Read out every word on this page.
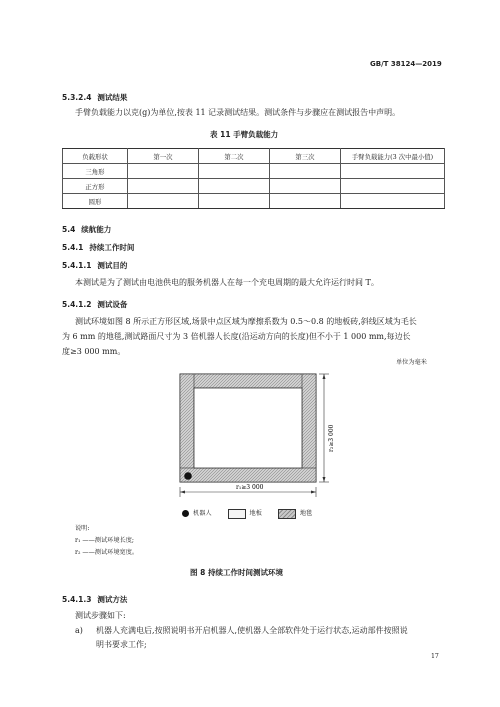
GB/T 38124—2019
5.3.2.4 测试结果
手臂负载能力以克(g)为单位,按表 11 记录测试结果。测试条件与步骤应在测试报告中声明。
表 11 手臂负载能力
负载形状	第一次	第二次	第三次	手臂负载能力(3 次中最小值)
三角形				
正方形				
圆形				
5.4 续航能力
5.4.1 持续工作时间
5.4.1.1 测试目的
本测试是为了测试由电池供电的服务机器人在每一个充电周期的最大允许运行时间 T。
5.4.1.2 测试设备
测试环境如图 8 所示正方形区域,场景中点区域为摩擦系数为 0.5～0.8 的地板砖,斜线区域为毛长
为 6 mm 的地毯,测试路面尺寸为 3 倍机器人长度(沿运动方向的长度)但不小于 1 000 mm,每边长
度≥3 000 mm。
单位为毫米
r₁≥3 000
r₂≥3 000
机器人	地板	地毯
说明:
r₁ ——测试环境长度;
r₂ ——测试环境宽度。
图 8 持续工作时间测试环境
5.4.1.3 测试方法
测试步骤如下:
a) 机器人充满电后,按照说明书开启机器人,使机器人全部软件处于运行状态,运动部件按照说
明书要求工作;
17
